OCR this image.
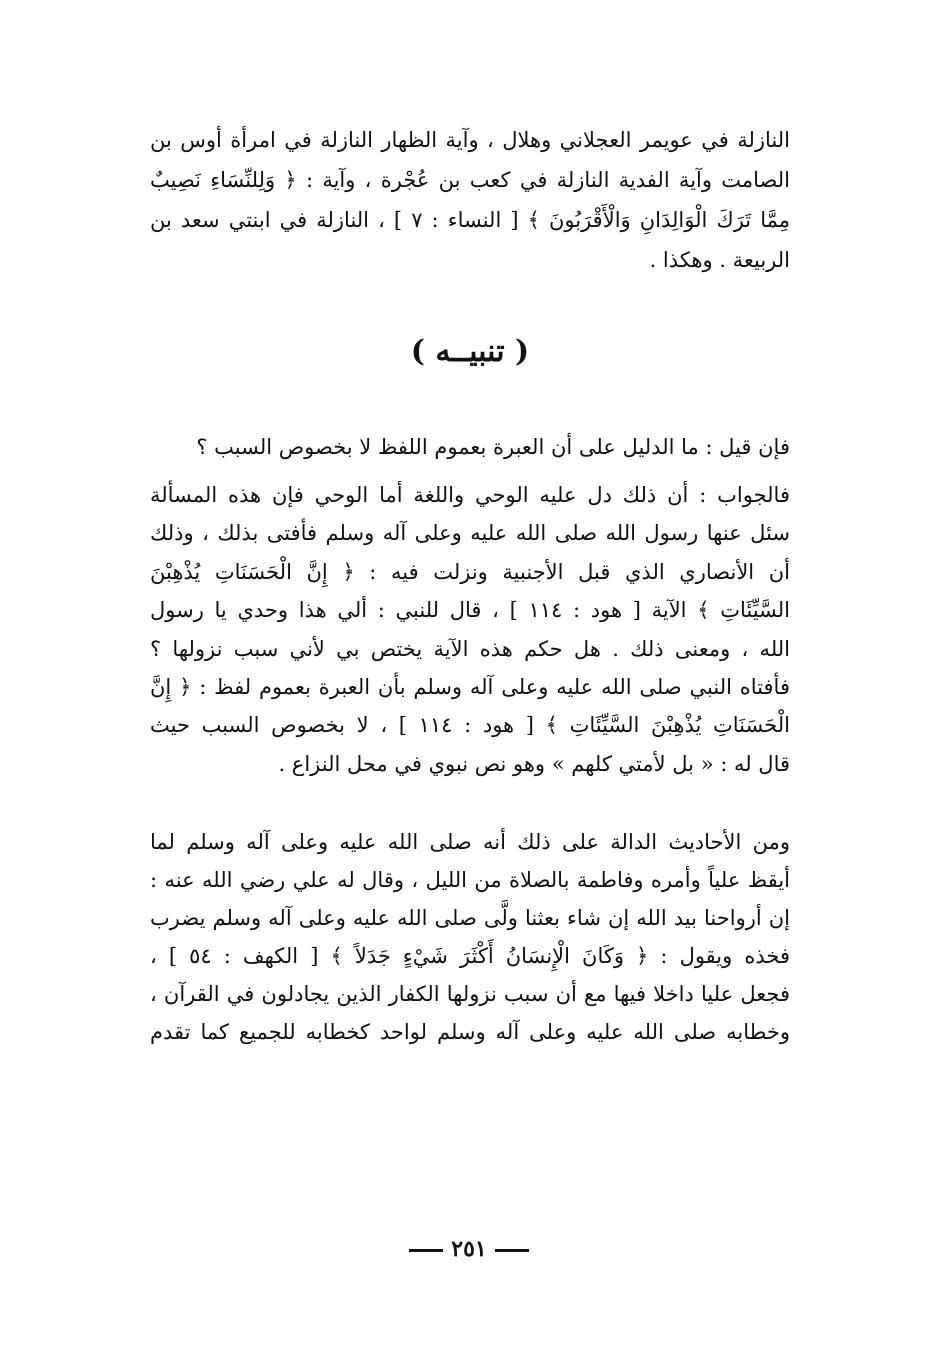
النازلة في عويمر العجلاني وهلال ، وآية الظهار النازلة في امرأة أوس بن
الصامت وآية الفدية النازلة في كعب بن عُجْرة ، وآية : ﴿ وَلِلنِّسَاءِ نَصِيبٌ
مِمَّا تَرَكَ الْوَالِدَانِ وَالْأَقْرَبُونَ ﴾ [ النساء : ٧ ] ، النازلة في ابنتي سعد بن
الربيعة . وهكذا .
( تنبيــه )
فإن قيل : ما الدليل على أن العبرة بعموم اللفظ لا بخصوص السبب ؟
فالجواب : أن ذلك دل عليه الوحي واللغة أما الوحي فإن هذه المسألة
سئل عنها رسول الله صلى الله عليه وعلى آله وسلم فأفتى بذلك ، وذلك
أن الأنصاري الذي قبل الأجنبية ونزلت فيه : ﴿ إِنَّ الْحَسَنَاتِ يُذْهِبْنَ
السَّيِّئَاتِ ﴾ الآية [ هود : ١١٤ ] ، قال للنبي : ألي هذا وحدي يا رسول
الله ، ومعنى ذلك . هل حكم هذه الآية يختص بي لأني سبب نزولها ؟
فأفتاه النبي صلى الله عليه وعلى آله وسلم بأن العبرة بعموم لفظ : ﴿ إِنَّ
الْحَسَنَاتِ يُذْهِبْنَ السَّيِّئَاتِ ﴾ [ هود : ١١٤ ] ، لا بخصوص السبب حيث
قال له : « بل لأمتي كلهم » وهو نص نبوي في محل النزاع .
ومن الأحاديث الدالة على ذلك أنه صلى الله عليه وعلى آله وسلم لما
أيقظ علياً وأمره وفاطمة بالصلاة من الليل ، وقال له علي رضي الله عنه :
إن أرواحنا بيد الله إن شاء بعثنا ولَّى صلى الله عليه وعلى آله وسلم يضرب
فخذه ويقول : ﴿ وَكَانَ الْإِنسَانُ أَكْثَرَ شَيْءٍ جَدَلاً ﴾ [ الكهف : ٥٤ ] ،
فجعل عليا داخلا فيها مع أن سبب نزولها الكفار الذين يجادلون في القرآن ،
وخطابه صلى الله عليه وعلى آله وسلم لواحد كخطابه للجميع كما تقدم
٢٥١
